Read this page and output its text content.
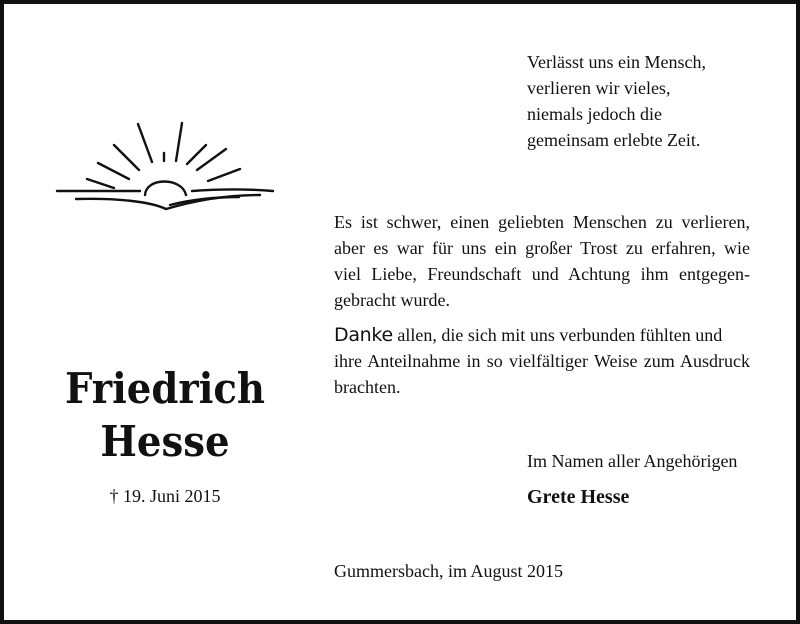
Friedrich
Hesse
† 19. Juni 2015
Verlässt uns ein Mensch,
verlieren wir vieles,
niemals jedoch die
gemeinsam erlebte Zeit.
Es ist schwer, einen geliebten Menschen zu verlieren,
aber es war für uns ein großer Trost zu erfahren, wie
viel Liebe, Freundschaft und Achtung ihm entgegen-
gebracht wurde.
Danke allen, die sich mit uns verbunden fühlten und
ihre Anteilnahme in so vielfältiger Weise zum Ausdruck
brachten.
Im Namen aller Angehörigen
Grete Hesse
Gummersbach, im August 2015
